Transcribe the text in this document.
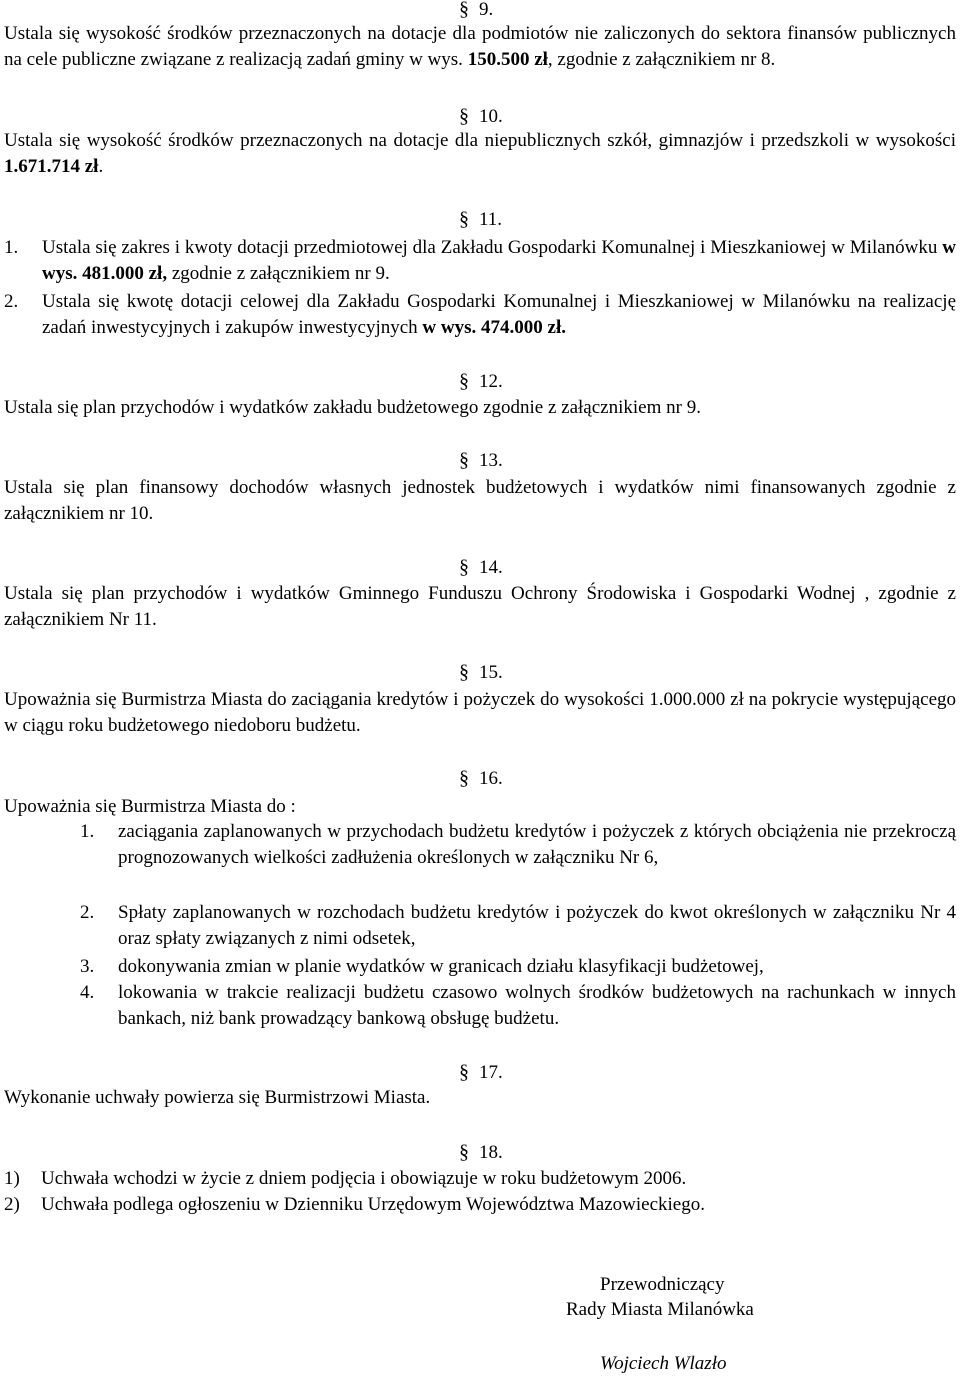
§ 9.
Ustala się wysokość środków przeznaczonych na dotacje dla podmiotów nie zaliczonych do sektora finansów publicznych na cele publiczne związane z realizacją zadań gminy w wys. 150.500 zł, zgodnie z załącznikiem nr 8.
§ 10.
Ustala się wysokość środków przeznaczonych na dotacje dla niepublicznych szkół, gimnazjów i przedszkoli w wysokości 1.671.714 zł.
§ 11.
1.	Ustala się zakres i kwoty dotacji przedmiotowej dla Zakładu Gospodarki Komunalnej i Mieszkaniowej w Milanówku w wys. 481.000 zł, zgodnie z załącznikiem nr 9.
2.	Ustala się kwotę dotacji celowej dla Zakładu Gospodarki Komunalnej i Mieszkaniowej w Milanówku na realizację zadań inwestycyjnych i zakupów inwestycyjnych w wys. 474.000 zł.
§ 12.
Ustala się plan przychodów i wydatków zakładu budżetowego zgodnie z załącznikiem nr 9.
§ 13.
Ustala się plan finansowy dochodów własnych jednostek budżetowych i wydatków nimi finansowanych zgodnie z załącznikiem nr 10.
§ 14.
Ustala się plan przychodów i wydatków Gminnego Funduszu Ochrony Środowiska i Gospodarki Wodnej , zgodnie z załącznikiem Nr 11.
§ 15.
Upoważnia się Burmistrza Miasta do zaciągania kredytów i pożyczek do wysokości 1.000.000 zł na pokrycie występującego w ciągu roku budżetowego niedoboru budżetu.
§ 16.
Upoważnia się Burmistrza Miasta do :
1.	zaciągania zaplanowanych w przychodach budżetu kredytów i pożyczek z których obciążenia nie przekroczą prognozowanych wielkości zadłużenia określonych w załączniku Nr 6,
2.	Spłaty zaplanowanych w rozchodach budżetu kredytów i pożyczek do kwot określonych w załączniku Nr 4 oraz spłaty związanych z nimi odsetek,
3.	dokonywania zmian w planie wydatków w granicach działu klasyfikacji budżetowej,
4.	lokowania w trakcie realizacji budżetu czasowo wolnych środków budżetowych na rachunkach w innych bankach, niż bank prowadzący bankową obsługę budżetu.
§ 17.
Wykonanie uchwały powierza się Burmistrzowi Miasta.
§ 18.
1)	Uchwała wchodzi w życie z dniem podjęcia i obowiązuje w roku budżetowym 2006.
2)	Uchwała podlega ogłoszeniu w Dzienniku Urzędowym Województwa Mazowieckiego.
Przewodniczący
Rady Miasta Milanówka
Wojciech Wlazło
